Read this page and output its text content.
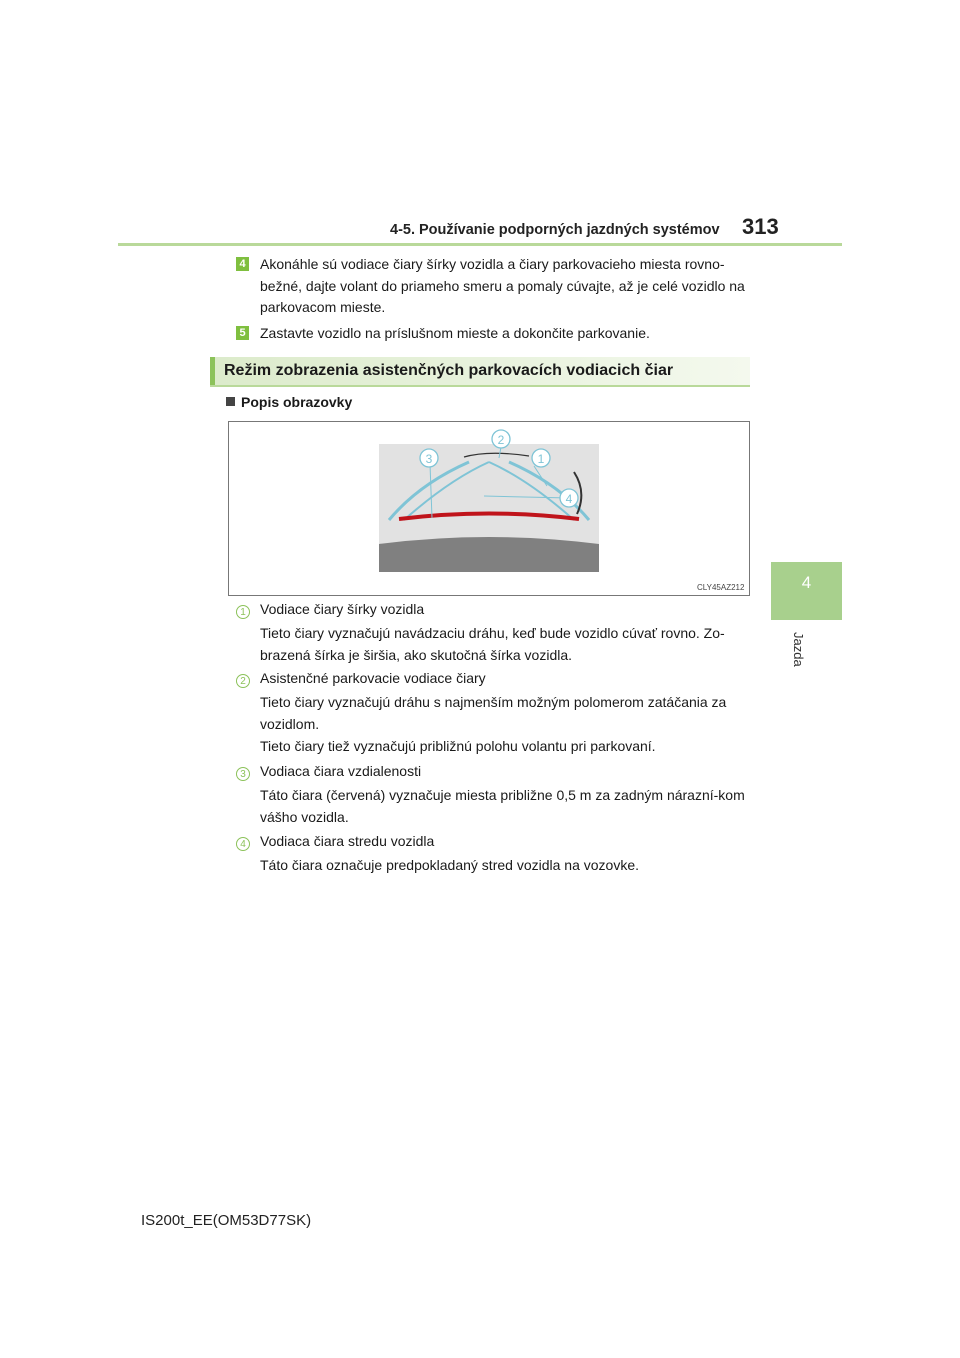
4-5. Používanie podporných jazdných systémov 313
4
Jazda
4 Akonáhle sú vodiace čiary šírky vozidla a čiary parkovacieho miesta rovno-bežné, dajte volant do priameho smeru a pomaly cúvajte, až je celé vozidlo na parkovacom mieste.
5 Zastavte vozidlo na príslušnom mieste a dokončite parkovanie.
Režim zobrazenia asistenčných parkovacích vodiacich čiar
Popis obrazovky
2
3	1
4
CLY45AZ212
1	Vodiace čiary šírky vozidla
Tieto čiary vyznačujú navádzaciu dráhu, keď bude vozidlo cúvať rovno. Zo-brazená šírka je širšia, ako skutočná šírka vozidla.
2	Asistenčné parkovacie vodiace čiary
Tieto čiary vyznačujú dráhu s najmenším možným polomerom zatáčania za vozidlom.
Tieto čiary tiež vyznačujú približnú polohu volantu pri parkovaní.
3	Vodiaca čiara vzdialenosti
Táto čiara (červená) vyznačuje miesta približne 0,5 m za zadným nárazní-kom vášho vozidla.
4	Vodiaca čiara stredu vozidla
Táto čiara označuje predpokladaný stred vozidla na vozovke.
IS200t_EE(OM53D77SK)
